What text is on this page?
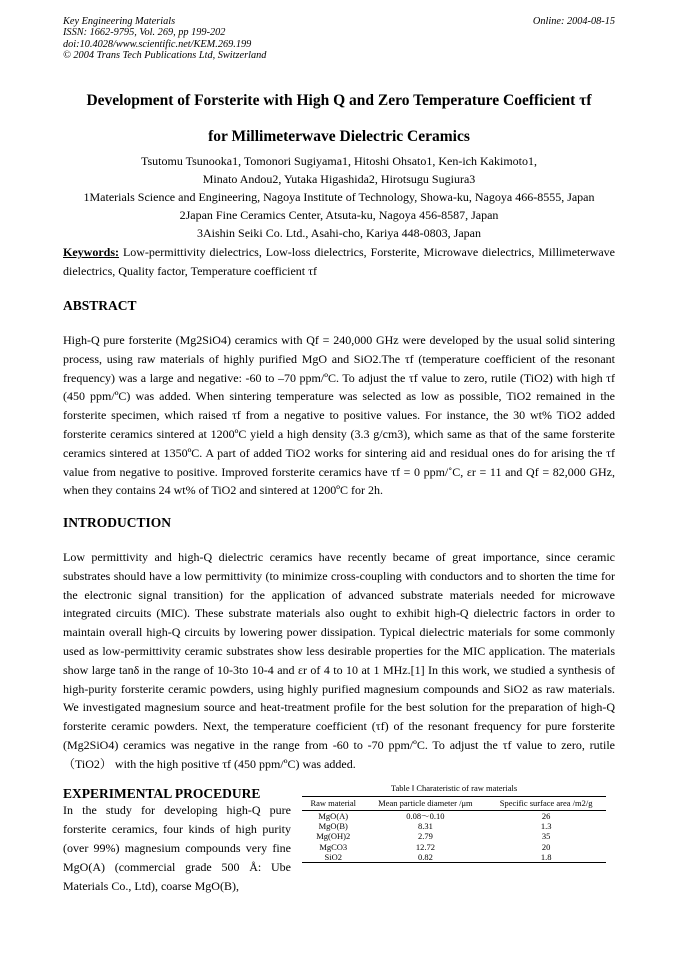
Key Engineering Materials
ISSN: 1662-9795, Vol. 269, pp 199-202
doi:10.4028/www.scientific.net/KEM.269.199
© 2004 Trans Tech Publications Ltd, Switzerland
Online: 2004-08-15
Development of Forsterite with High Q and Zero Temperature Coefficient τf
for Millimeterwave Dielectric Ceramics
Tsutomu Tsunooka1, Tomonori Sugiyama1, Hitoshi Ohsato1, Ken-ich Kakimoto1,
Minato Andou2, Yutaka Higashida2, Hirotsugu Sugiura3
1Materials Science and Engineering, Nagoya Institute of Technology, Showa-ku, Nagoya 466-8555, Japan
2Japan Fine Ceramics Center, Atsuta-ku, Nagoya 456-8587, Japan
3Aishin Seiki Co. Ltd., Asahi-cho, Kariya 448-0803, Japan
Keywords: Low-permittivity dielectrics, Low-loss dielectrics, Forsterite, Microwave dielectrics, Millimeterwave dielectrics, Quality factor, Temperature coefficient τf
ABSTRACT
High-Q pure forsterite (Mg2SiO4) ceramics with Qf = 240,000 GHz were developed by the usual solid sintering process, using raw materials of highly purified MgO and SiO2.The τf (temperature coefficient of the resonant frequency) was a large and negative: -60 to –70 ppm/ºC. To adjust the τf value to zero, rutile (TiO2) with high τf (450 ppm/ºC) was added. When sintering temperature was selected as low as possible, TiO2 remained in the forsterite specimen, which raised τf from a negative to positive values. For instance, the 30 wt% TiO2 added forsterite ceramics sintered at 1200ºC yield a high density (3.3 g/cm3), which same as that of the same forsterite ceramics sintered at 1350ºC. A part of added TiO2 works for sintering aid and residual ones do for arising the τf value from negative to positive. Improved forsterite ceramics have τf = 0 ppm/˚C, εr = 11 and Qf = 82,000 GHz, when they contains 24 wt% of TiO2 and sintered at 1200ºC for 2h.
INTRODUCTION
Low permittivity and high-Q dielectric ceramics have recently became of great importance, since ceramic substrates should have a low permittivity (to minimize cross-coupling with conductors and to shorten the time for the electronic signal transition) for the application of advanced substrate materials needed for microwave integrated circuits (MIC). These substrate materials also ought to exhibit high-Q dielectric factors in order to maintain overall high-Q circuits by lowering power dissipation. Typical dielectric materials for some commonly used as low-permittivity ceramic substrates show less desirable properties for the MIC application. The materials show large tanδ in the range of 10-3to 10-4 and εr of 4 to 10 at 1 MHz.[1] In this work, we studied a synthesis of high-purity forsterite ceramic powders, using highly purified magnesium compounds and SiO2 as raw materials. We investigated magnesium source and heat-treatment profile for the best solution for the preparation of high-Q forsterite ceramic powders. Next, the temperature coefficient (τf) of the resonant frequency for pure forsterite (Mg2SiO4) ceramics was negative in the range from -60 to -70 ppm/ºC. To adjust the τf value to zero, rutile（TiO2） with the high positive τf (450 ppm/ºC) was added.
EXPERIMENTAL PROCEDURE
In the study for developing high-Q pure forsterite ceramics, four kinds of high purity (over 99%) magnesium compounds very fine MgO(A) (commercial grade 500 Å: Ube Materials Co., Ltd), coarse MgO(B),
Table Ⅰ Charateristic of raw materials
Raw material	Mean particle diameter /μm	Specific surface area /m2/g
MgO(A)	0.08～0.10	26
MgO(B)	8.31	1.3
Mg(OH)2	2.79	35
MgCO3	12.72	20
SiO2	0.82	1.8
